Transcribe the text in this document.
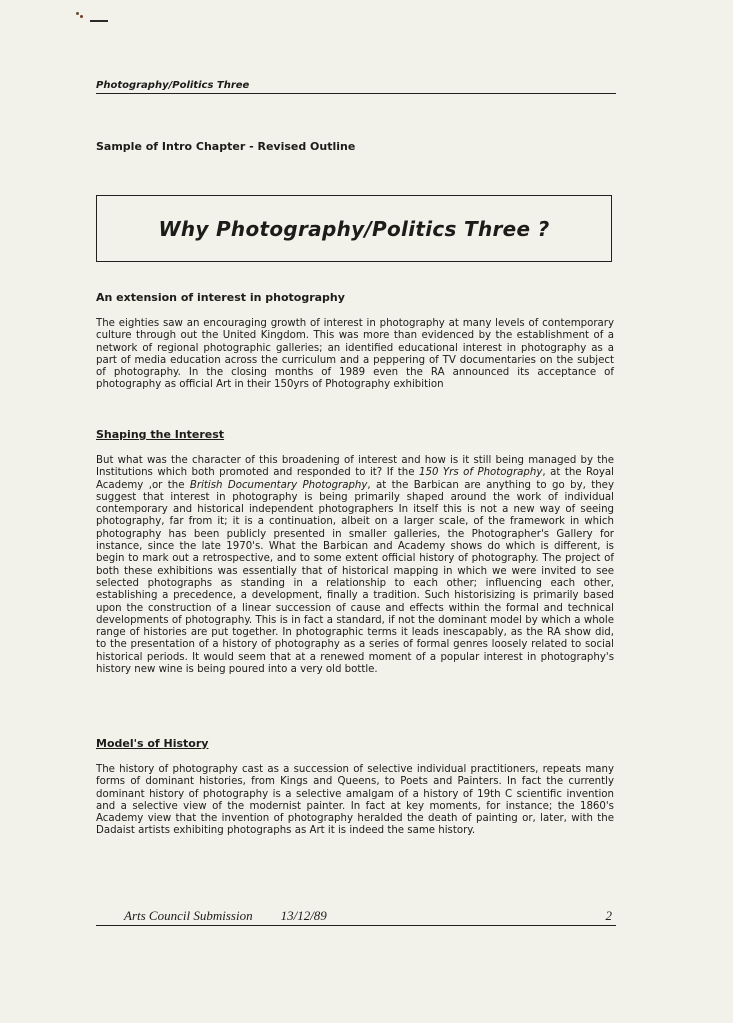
Photography/Politics Three
Sample of Intro Chapter - Revised Outline
Why Photography/Politics Three ?
An extension of interest in photography

The eighties saw an encouraging growth of interest in photography at many levels of contemporary culture through out the United Kingdom. This was more than evidenced by the establishment of a network of regional photographic galleries; an identified educational interest in photography as a part of media education across the curriculum and a peppering of TV documentaries on the subject of photography. In the closing months of 1989 even the RA announced its acceptance of photography as official Art in their 150yrs of Photography exhibition

Shaping the Interest

But what was the character of this broadening of interest and how is it still being managed by the Institutions which both promoted and responded to it? If the 150 Yrs of Photography, at the Royal Academy ,or the British Documentary Photography, at the Barbican are anything to go by, they suggest that interest in photography is being primarily shaped around the work of individual contemporary and historical independent photographers In itself this is not a new way of seeing photography, far from it; it is a continuation, albeit on a larger scale, of the framework in which photography has been publicly presented in smaller galleries, the Photographer's Gallery for instance, since the late 1970's. What the Barbican and Academy shows do which is different, is begin to mark out a retrospective, and to some extent official history of photography. The project of both these exhibitions was essentially that of historical mapping in which we were invited to see selected photographs as standing in a relationship to each other; influencing each other, establishing a precedence, a development, finally a tradition. Such historisizing is primarily based upon the construction of a linear succession of cause and effects within the formal and technical developments of photography. This is in fact a standard, if not the dominant model by which a whole range of histories are put together. In photographic terms it leads inescapably, as the RA show did, to the presentation of a history of photography as a series of formal genres loosely related to social historical periods. It would seem that at a renewed moment of a popular interest in photography's history new wine is being poured into a very old bottle.

Model's of History

The history of photography cast as a succession of selective individual practitioners, repeats many forms of dominant histories, from Kings and Queens, to Poets and Painters. In fact the currently dominant history of photography is a selective amalgam of a history of 19th C scientific invention and a selective view of the modernist painter. In fact at key moments, for instance; the 1860's Academy view that the invention of photography heralded the death of painting or, later, with the Dadaist artists exhibiting photographs as Art it is indeed the same history.

Arts Council Submission 13/12/89	2
